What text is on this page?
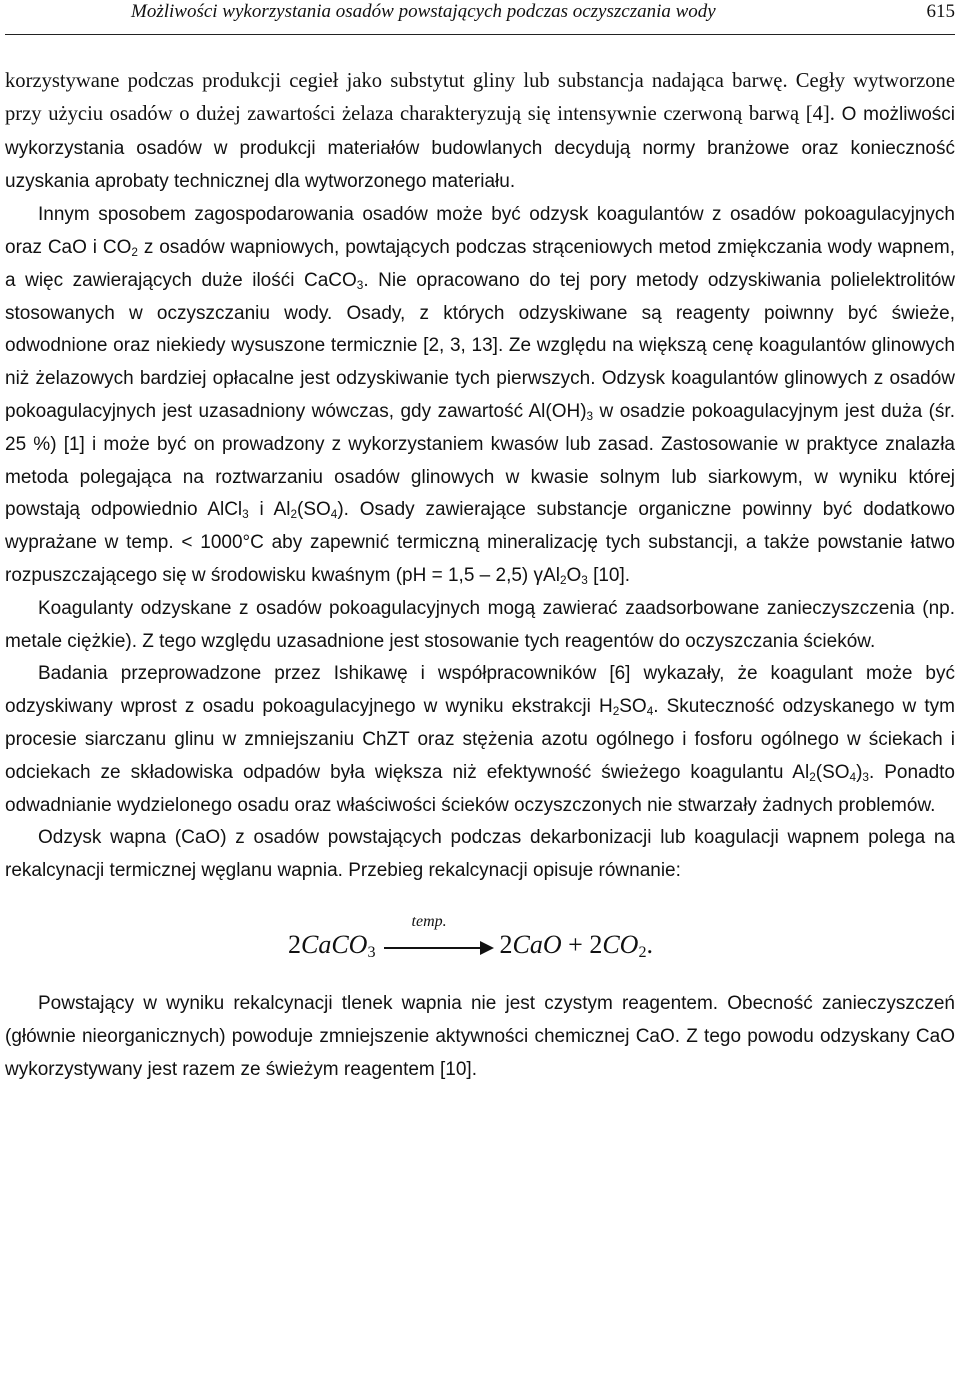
Możliwości wykorzystania osadów powstających podczas oczyszczania wody	615

korzystywane podczas produkcji cegieł jako substytut gliny lub substancja nadająca barwę. Cegły wytworzone przy użyciu osadów o dużej zawartości żelaza charakteryzują się intensywnie czerwoną barwą [4]. O możliwości wykorzystania osadów w produkcji materiałów budowlanych decydują normy branżowe oraz konieczność uzyskania aprobaty technicznej dla wytworzonego materiału.

Innym sposobem zagospodarowania osadów może być odzysk koagulantów z osadów pokoagulacyjnych oraz CaO i $CO_2$ z osadów wapniowych, powtających podczas strąceniowych metod zmiękczania wody wapnem, a więc zawierających duże ilośći CaCO$_3$. Nie opracowano do tej pory metody odzyskiwania polielektrolitów stosowanych w oczyszczaniu wody. Osady, z których odzyskiwane są reagenty poiwnny być świeże, odwodnione oraz niekiedy wysuszone termicznie [2, 3, 13]. Ze względu na większą cenę koagulantów glinowych niż żelazowych bardziej opłacalne jest odzyskiwanie tych pierwszych. Odzysk koagulantów glinowych z osadów pokoagulacyjnych jest uzasadniony wówczas, gdy zawartość $Al(OH)_3$ w osadzie pokoagulacyjnym jest duża (śr. 25 %) [1] i może być on prowadzony z wykorzystaniem kwasów lub zasad. Zastosowanie w praktyce znalazła metoda polegająca na roztwarzaniu osadów glinowych w kwasie solnym lub siarkowym, w wyniku której powstają odpowiednio AlCl$_3$ i $Al_2(SO_4)$. Osady zawierające substancje organiczne powinny być dodatkowo wyprażane w temp. < 1000°C aby zapewnić termiczną mineralizację tych substancji, a także powstanie łatwo rozpuszczającego się w środowisku kwaśnym (pH = 1,5 – 2,5) $\gamma Al_2O_3$ [10].

Koagulanty odzyskane z osadów pokoagulacyjnych mogą zawierać zaadsorbowane zanieczyszczenia (np. metale ciężkie). Z tego względu uzasadnione jest stosowanie tych reagentów do oczyszczania ścieków.

Badania przeprowadzone przez Ishikawę i współpracowników [6] wykazały, że koagulant może być odzyskiwany wprost z osadu pokoagulacyjnego w wyniku ekstrakcji $H_2SO_4$. Skuteczność odzyskanego w tym procesie siarczanu glinu w zmniejszaniu ChZT oraz stężenia azotu ogólnego i fosforu ogólnego w ściekach i odciekach ze składowiska odpadów była większa niż efektywność świeżego koagulantu $Al_2(SO_4)_3$. Ponadto odwadnianie wydzielonego osadu oraz właściwości ścieków oczyszczonych nie stwarzały żadnych problemów.

Odzysk wapna (CaO) z osadów powstających podczas dekarbonizacji lub koagulacji wapnem polega na rekalcynacji termicznej węglanu wapnia. Przebieg rekalcynacji opisuje równanie:

2CaCO$_3$
temp.
$2CaO + 2CO_2$.

Powstający w wyniku rekalcynacji tlenek wapnia nie jest czystym reagentem. Obecność zanieczyszczeń (głównie nieorganicznych) powoduje zmniejszenie aktywności chemicznej CaO. Z tego powodu odzyskany CaO wykorzystywany jest razem ze świeżym reagentem [10].
